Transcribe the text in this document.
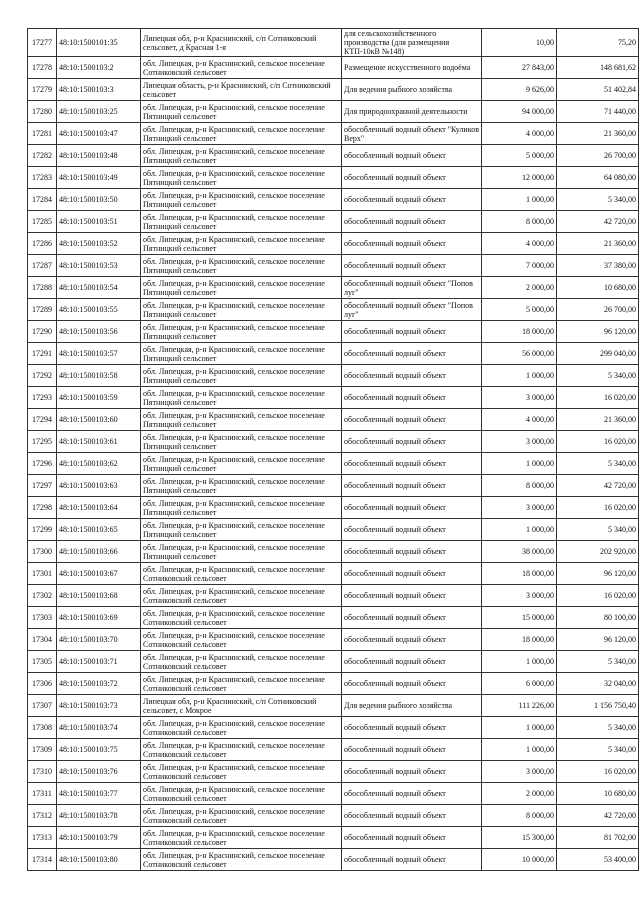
17277	48:10:1500101:35	Липецкая обл, р-н Краснинский, с/п Сотниковский сельсовет, д Красная 1-я	для сельскохозяйственного производства (для размещения КТП-10кВ №148)	10,00	75,20
17278	48:10:1500103:2	обл. Липецкая, р-н Краснинский, сельское поселение Сотниковский сельсовет	Размещение искусственного водоёма	27 843,00	148 681,62
17279	48:10:1500103:3	Липецкая область, р-н Краснинский, с/п Сотниковский сельсовет	Для ведения рыбного хозяйства	9 626,00	51 402,84
17280	48:10:1500103:25	обл. Липецкая, р-н Краснинский, сельское поселение Пятницкий сельсовет	Для природоохранной деятельности	94 000,00	71 440,00
17281	48:10:1500103:47	обл. Липецкая, р-н Краснинский, сельское поселение Пятницкий сельсовет	обособленный водный объект "Куликов Верх"	4 000,00	21 360,00
17282	48:10:1500103:48	обл. Липецкая, р-н Краснинский, сельское поселение Пятницкий сельсовет	обособленный водный объект	5 000,00	26 700,00
17283	48:10:1500103:49	обл. Липецкая, р-н Краснинский, сельское поселение Пятницкий сельсовет	обособленный водный объект	12 000,00	64 080,00
17284	48:10:1500103:50	обл. Липецкая, р-н Краснинский, сельское поселение Пятницкий сельсовет	обособленный водный объект	1 000,00	5 340,00
17285	48:10:1500103:51	обл. Липецкая, р-н Краснинский, сельское поселение Пятницкий сельсовет	обособленный водный объект	8 000,00	42 720,00
17286	48:10:1500103:52	обл. Липецкая, р-н Краснинский, сельское поселение Пятницкий сельсовет	обособленный водный объект	4 000,00	21 360,00
17287	48:10:1500103:53	обл. Липецкая, р-н Краснинский, сельское поселение Пятницкий сельсовет	обособленный водный объект	7 000,00	37 380,00
17288	48:10:1500103:54	обл. Липецкая, р-н Краснинский, сельское поселение Пятницкий сельсовет	обособленный водный объект "Попов луг"	2 000,00	10 680,00
17289	48:10:1500103:55	обл. Липецкая, р-н Краснинский, сельское поселение Пятницкий сельсовет	обособленный водный объект "Попов луг"	5 000,00	26 700,00
17290	48:10:1500103:56	обл. Липецкая, р-н Краснинский, сельское поселение Пятницкий сельсовет	обособленный водный объект	18 000,00	96 120,00
17291	48:10:1500103:57	обл. Липецкая, р-н Краснинский, сельское поселение Пятницкий сельсовет	обособленный водный объект	56 000,00	299 040,00
17292	48:10:1500103:58	обл. Липецкая, р-н Краснинский, сельское поселение Пятницкий сельсовет	обособленный водный объект	1 000,00	5 340,00
17293	48:10:1500103:59	обл. Липецкая, р-н Краснинский, сельское поселение Пятницкий сельсовет	обособленный водный объект	3 000,00	16 020,00
17294	48:10:1500103:60	обл. Липецкая, р-н Краснинский, сельское поселение Пятницкий сельсовет	обособленный водный объект	4 000,00	21 360,00
17295	48:10:1500103:61	обл. Липецкая, р-н Краснинский, сельское поселение Пятницкий сельсовет	обособленный водный объект	3 000,00	16 020,00
17296	48:10:1500103:62	обл. Липецкая, р-н Краснинский, сельское поселение Пятницкий сельсовет	обособленный водный объект	1 000,00	5 340,00
17297	48:10:1500103:63	обл. Липецкая, р-н Краснинский, сельское поселение Пятницкий сельсовет	обособленный водный объект	8 000,00	42 720,00
17298	48:10:1500103:64	обл. Липецкая, р-н Краснинский, сельское поселение Пятницкий сельсовет	обособленный водный объект	3 000,00	16 020,00
17299	48:10:1500103:65	обл. Липецкая, р-н Краснинский, сельское поселение Пятницкий сельсовет	обособленный водный объект	1 000,00	5 340,00
17300	48:10:1500103:66	обл. Липецкая, р-н Краснинский, сельское поселение Пятницкий сельсовет	обособленный водный объект	38 000,00	202 920,00
17301	48:10:1500103:67	обл. Липецкая, р-н Краснинский, сельское поселение Сотниковский сельсовет	обособленный водный объект	18 000,00	96 120,00
17302	48:10:1500103:68	обл. Липецкая, р-н Краснинский, сельское поселение Сотниковский сельсовет	обособленный водный объект	3 000,00	16 020,00
17303	48:10:1500103:69	обл. Липецкая, р-н Краснинский, сельское поселение Сотниковский сельсовет	обособленный водный объект	15 000,00	80 100,00
17304	48:10:1500103:70	обл. Липецкая, р-н Краснинский, сельское поселение Сотниковский сельсовет	обособленный водный объект	18 000,00	96 120,00
17305	48:10:1500103:71	обл. Липецкая, р-н Краснинский, сельское поселение Сотниковский сельсовет	обособленный водный объект	1 000,00	5 340,00
17306	48:10:1500103:72	обл. Липецкая, р-н Краснинский, сельское поселение Сотниковский сельсовет	обособленный водный объект	6 000,00	32 040,00
17307	48:10:1500103:73	Липецкая обл, р-н Краснинский, с/п Сотниковский сельсовет, с Мокрое	Для ведения рыбного хозяйства	111 226,00	1 156 750,40
17308	48:10:1500103:74	обл. Липецкая, р-н Краснинский, сельское поселение Сотниковский сельсовет	обособленный водный объект	1 000,00	5 340,00
17309	48:10:1500103:75	обл. Липецкая, р-н Краснинский, сельское поселение Сотниковский сельсовет	обособленный водный объект	1 000,00	5 340,00
17310	48:10:1500103:76	обл. Липецкая, р-н Краснинский, сельское поселение Сотниковский сельсовет	обособленный водный объект	3 000,00	16 020,00
17311	48:10:1500103:77	обл. Липецкая, р-н Краснинский, сельское поселение Сотниковский сельсовет	обособленный водный объект	2 000,00	10 680,00
17312	48:10:1500103:78	обл. Липецкая, р-н Краснинский, сельское поселение Сотниковский сельсовет	обособленный водный объект	8 000,00	42 720,00
17313	48:10:1500103:79	обл. Липецкая, р-н Краснинский, сельское поселение Сотниковский сельсовет	обособленный водный объект	15 300,00	81 702,00
17314	48:10:1500103:80	обл. Липецкая, р-н Краснинский, сельское поселение Сотниковский сельсовет	обособленный водный объект	10 000,00	53 400,00
